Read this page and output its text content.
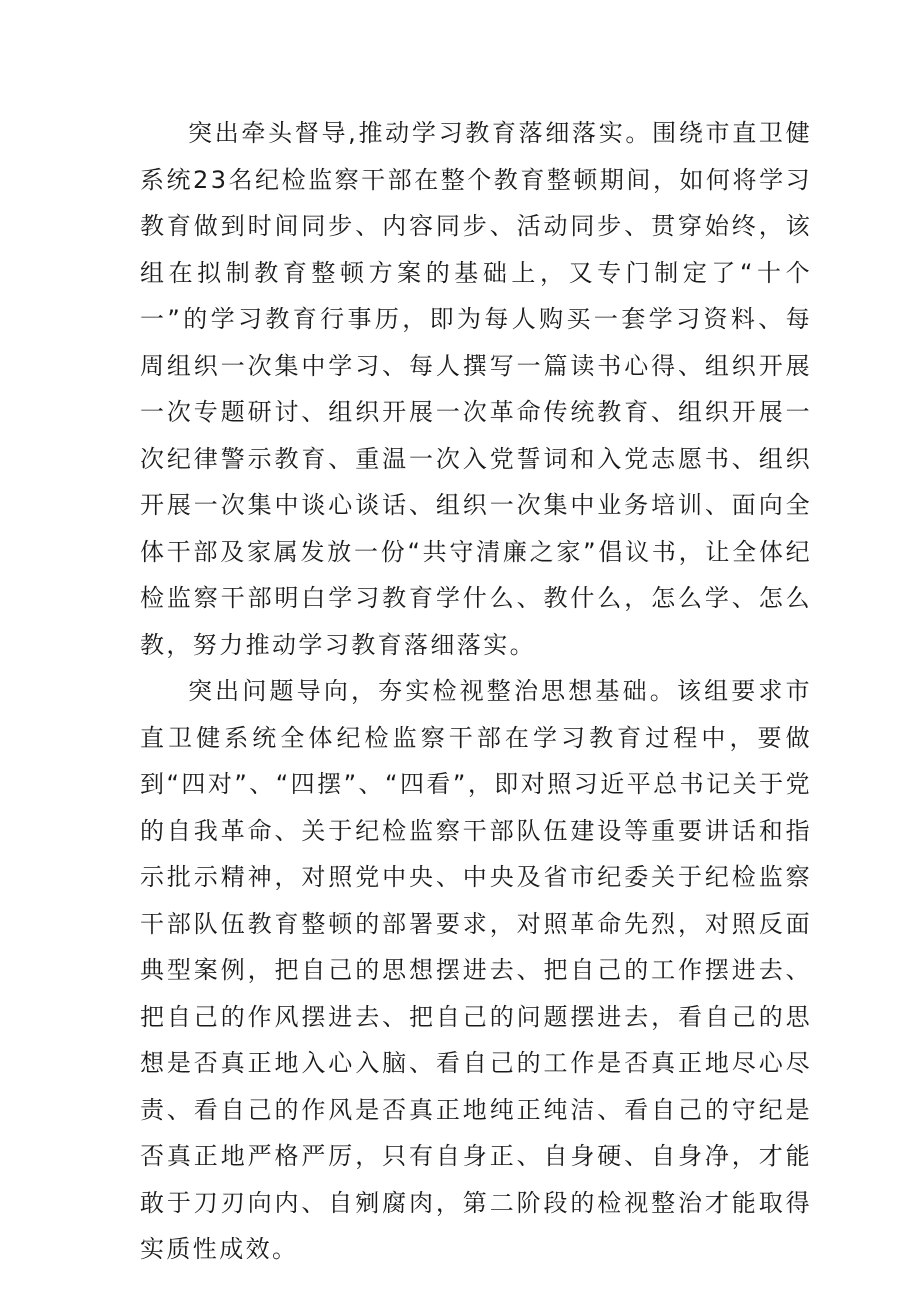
突出牵头督导,推动学习教育落细落实。围绕市直卫健系统23名纪检监察干部在整个教育整顿期间，如何将学习教育做到时间同步、内容同步、活动同步、贯穿始终，该组在拟制教育整顿方案的基础上，又专门制定了“十个一”的学习教育行事历，即为每人购买一套学习资料、每周组织一次集中学习、每人撰写一篇读书心得、组织开展一次专题研讨、组织开展一次革命传统教育、组织开展一次纪律警示教育、重温一次入党誓词和入党志愿书、组织开展一次集中谈心谈话、组织一次集中业务培训、面向全体干部及家属发放一份“共守清廉之家”倡议书，让全体纪检监察干部明白学习教育学什么、教什么，怎么学、怎么教，努力推动学习教育落细落实。

突出问题导向，夯实检视整治思想基础。该组要求市直卫健系统全体纪检监察干部在学习教育过程中，要做到“四对”、“四摆”、“四看”，即对照习近平总书记关于党的自我革命、关于纪检监察干部队伍建设等重要讲话和指示批示精神，对照党中央、中央及省市纪委关于纪检监察干部队伍教育整顿的部署要求，对照革命先烈，对照反面典型案例，把自己的思想摆进去、把自己的工作摆进去、把自己的作风摆进去、把自己的问题摆进去，看自己的思想是否真正地入心入脑、看自己的工作是否真正地尽心尽责、看自己的作风是否真正地纯正纯洁、看自己的守纪是否真正地严格严厉，只有自身正、自身硬、自身净，才能敢于刀刃向内、自剜腐肉，第二阶段的检视整治才能取得实质性成效。
